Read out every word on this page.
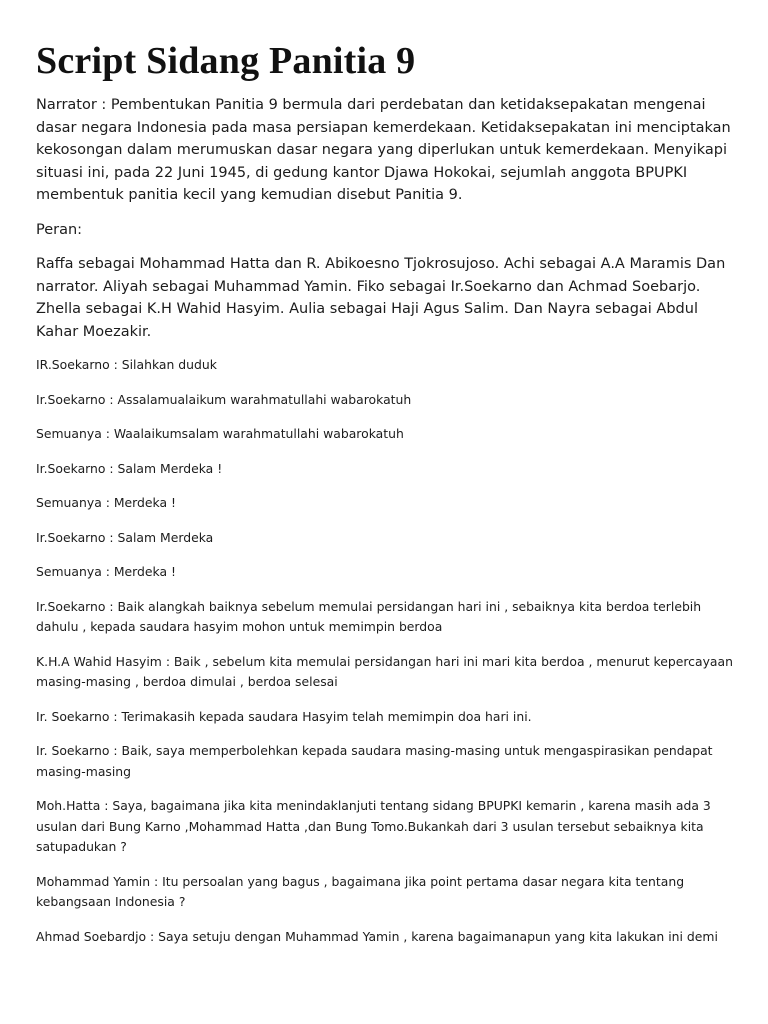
Script Sidang Panitia 9

Narrator : Pembentukan Panitia 9 bermula dari perdebatan dan ketidaksepakatan mengenai dasar negara Indonesia pada masa persiapan kemerdekaan. Ketidaksepakatan ini menciptakan kekosongan dalam merumuskan dasar negara yang diperlukan untuk kemerdekaan. Menyikapi situasi ini, pada 22 Juni 1945, di gedung kantor Djawa Hokokai, sejumlah anggota BPUPKI membentuk panitia kecil yang kemudian disebut Panitia 9.

Peran:

Raffa sebagai Mohammad Hatta dan R. Abikoesno Tjokrosujoso. Achi sebagai A.A Maramis Dan narrator. Aliyah sebagai Muhammad Yamin. Fiko sebagai Ir.Soekarno dan Achmad Soebarjo. Zhella sebagai K.H Wahid Hasyim. Aulia sebagai Haji Agus Salim. Dan Nayra sebagai Abdul Kahar Moezakir.

IR.Soekarno : Silahkan duduk

Ir.Soekarno : Assalamualaikum warahmatullahi wabarokatuh

Semuanya : Waalaikumsalam warahmatullahi wabarokatuh

Ir.Soekarno : Salam Merdeka !

Semuanya : Merdeka !

Ir.Soekarno : Salam Merdeka

Semuanya : Merdeka !

Ir.Soekarno : Baik alangkah baiknya sebelum memulai persidangan hari ini , sebaiknya kita berdoa terlebih dahulu , kepada saudara hasyim mohon untuk memimpin berdoa

K.H.A Wahid Hasyim : Baik , sebelum kita memulai persidangan hari ini mari kita berdoa , menurut kepercayaan masing-masing , berdoa dimulai , berdoa selesai

Ir. Soekarno : Terimakasih kepada saudara Hasyim telah memimpin doa hari ini.

Ir. Soekarno : Baik, saya memperbolehkan kepada saudara masing-masing untuk mengaspirasikan pendapat masing-masing

Moh.Hatta : Saya, bagaimana jika kita menindaklanjuti tentang sidang BPUPKI kemarin , karena masih ada 3 usulan dari Bung Karno ,Mohammad Hatta ,dan Bung Tomo.Bukankah dari 3 usulan tersebut sebaiknya kita satupadukan ?

Mohammad Yamin : Itu persoalan yang bagus , bagaimana jika point pertama dasar negara kita tentang kebangsaan Indonesia ?

Ahmad Soebardjo : Saya setuju dengan Muhammad Yamin , karena bagaimanapun yang kita lakukan ini demi
